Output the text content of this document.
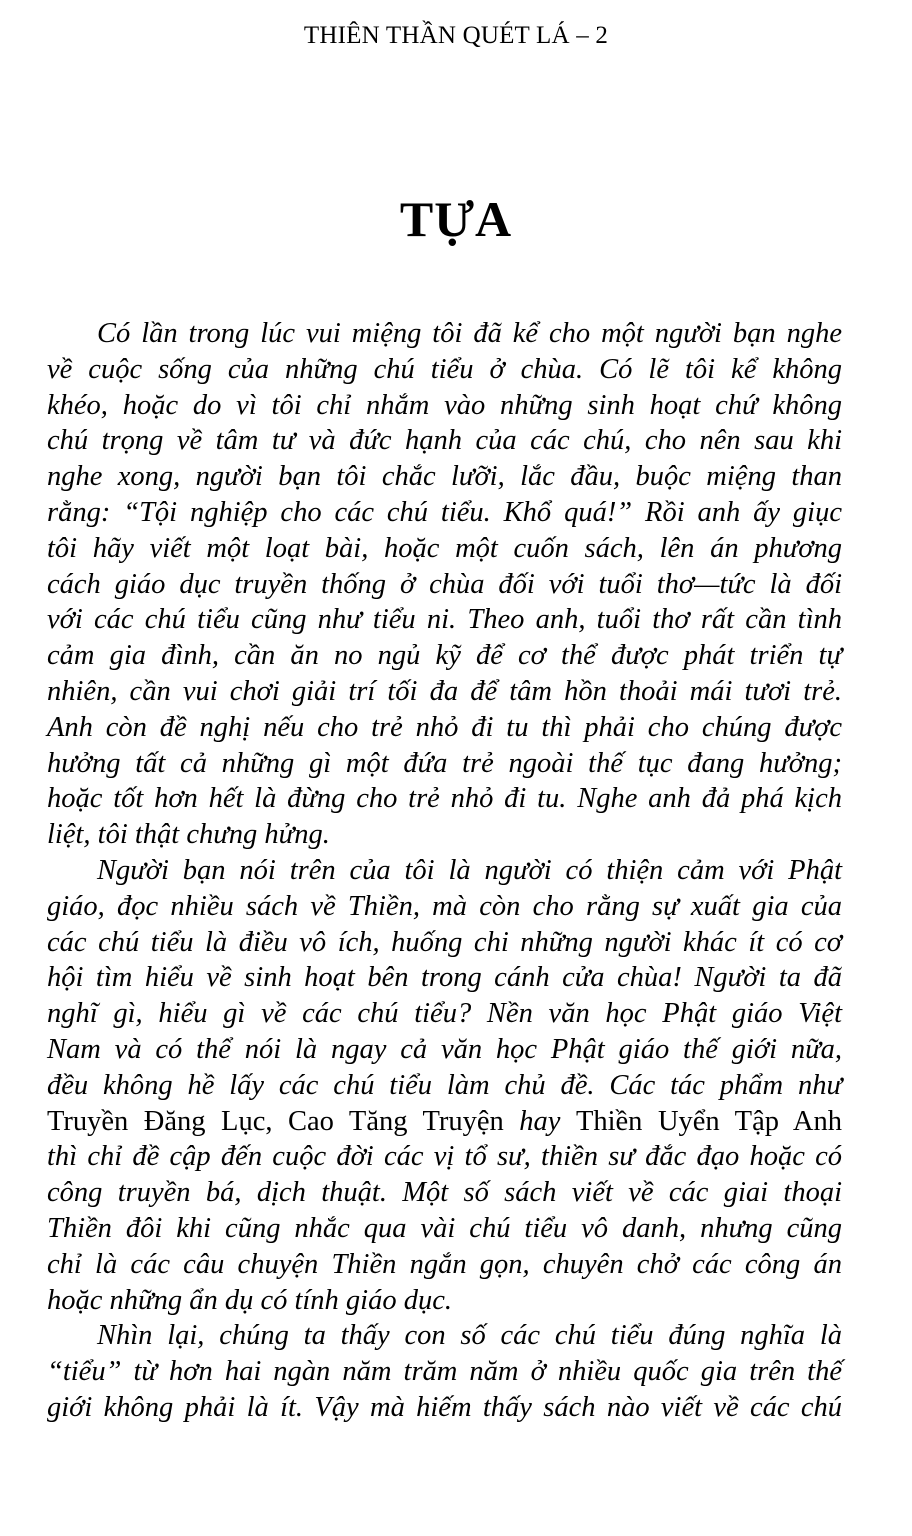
THIÊN THẦN QUÉT LÁ – 2
TỰA
Có lần trong lúc vui miệng tôi đã kể cho một người bạn nghe
về cuộc sống của những chú tiểu ở chùa. Có lẽ tôi kể không
khéo, hoặc do vì tôi chỉ nhắm vào những sinh hoạt chứ không
chú trọng về tâm tư và đức hạnh của các chú, cho nên sau khi
nghe xong, người bạn tôi chắc lưỡi, lắc đầu, buộc miệng than
rằng: “Tội nghiệp cho các chú tiểu. Khổ quá!” Rồi anh ấy giục
tôi hãy viết một loạt bài, hoặc một cuốn sách, lên án phương
cách giáo dục truyền thống ở chùa đối với tuổi thơ—tức là đối
với các chú tiểu cũng như tiểu ni. Theo anh, tuổi thơ rất cần tình
cảm gia đình, cần ăn no ngủ kỹ để cơ thể được phát triển tự
nhiên, cần vui chơi giải trí tối đa để tâm hồn thoải mái tươi trẻ.
Anh còn đề nghị nếu cho trẻ nhỏ đi tu thì phải cho chúng được
hưởng tất cả những gì một đứa trẻ ngoài thế tục đang hưởng;
hoặc tốt hơn hết là đừng cho trẻ nhỏ đi tu. Nghe anh đả phá kịch
liệt, tôi thật chưng hửng.
Người bạn nói trên của tôi là người có thiện cảm với Phật
giáo, đọc nhiều sách về Thiền, mà còn cho rằng sự xuất gia của
các chú tiểu là điều vô ích, huống chi những người khác ít có cơ
hội tìm hiểu về sinh hoạt bên trong cánh cửa chùa! Người ta đã
nghĩ gì, hiểu gì về các chú tiểu? Nền văn học Phật giáo Việt
Nam và có thể nói là ngay cả văn học Phật giáo thế giới nữa,
đều không hề lấy các chú tiểu làm chủ đề. Các tác phẩm như
Truyền Đăng Lục, Cao Tăng Truyện hay Thiền Uyển Tập Anh
thì chỉ đề cập đến cuộc đời các vị tổ sư, thiền sư đắc đạo hoặc có
công truyền bá, dịch thuật. Một số sách viết về các giai thoại
Thiền đôi khi cũng nhắc qua vài chú tiểu vô danh, nhưng cũng
chỉ là các câu chuyện Thiền ngắn gọn, chuyên chở các công án
hoặc những ẩn dụ có tính giáo dục.
Nhìn lại, chúng ta thấy con số các chú tiểu đúng nghĩa là
“tiểu” từ hơn hai ngàn năm trăm năm ở nhiều quốc gia trên thế
giới không phải là ít. Vậy mà hiếm thấy sách nào viết về các chú
